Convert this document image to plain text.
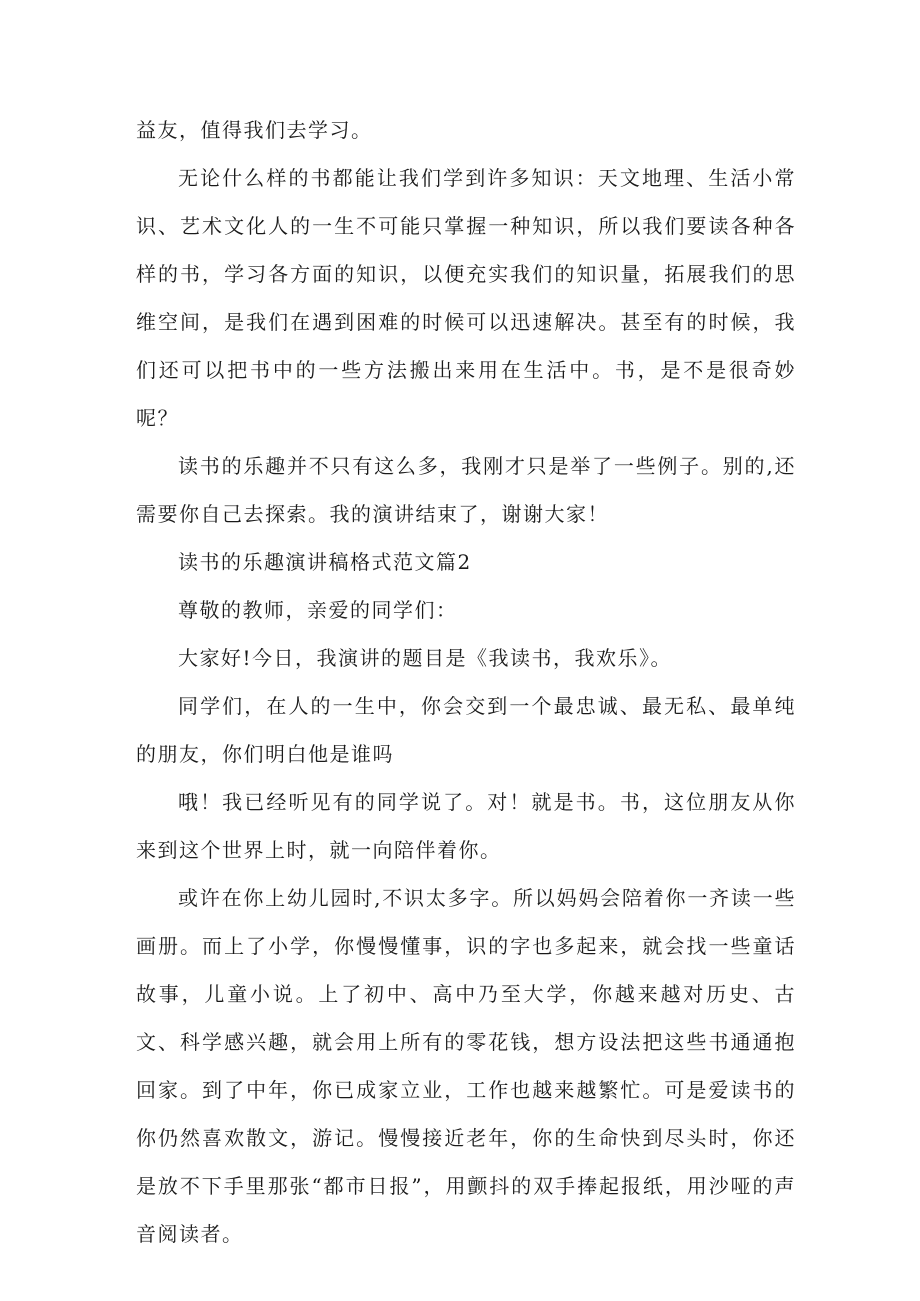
益友，值得我们去学习。

无论什么样的书都能让我们学到许多知识：天文地理、生活小常识、艺术文化人的一生不可能只掌握一种知识，所以我们要读各种各样的书，学习各方面的知识，以便充实我们的知识量，拓展我们的思维空间，是我们在遇到困难的时候可以迅速解决。甚至有的时候，我们还可以把书中的一些方法搬出来用在生活中。书，是不是很奇妙呢？

读书的乐趣并不只有这么多，我刚才只是举了一些例子。别的,还需要你自己去探索。我的演讲结束了，谢谢大家！

读书的乐趣演讲稿格式范文篇2

尊敬的教师，亲爱的同学们：

大家好!今日，我演讲的题目是《我读书，我欢乐》。

同学们，在人的一生中，你会交到一个最忠诚、最无私、最单纯的朋友，你们明白他是谁吗

哦！我已经听见有的同学说了。对！就是书。书，这位朋友从你来到这个世界上时，就一向陪伴着你。

或许在你上幼儿园时,不识太多字。所以妈妈会陪着你一齐读一些画册。而上了小学，你慢慢懂事，识的字也多起来，就会找一些童话故事，儿童小说。上了初中、高中乃至大学，你越来越对历史、古文、科学感兴趣，就会用上所有的零花钱，想方设法把这些书通通抱回家。到了中年，你已成家立业，工作也越来越繁忙。可是爱读书的你仍然喜欢散文，游记。慢慢接近老年，你的生命快到尽头时，你还是放不下手里那张“都市日报”，用颤抖的双手捧起报纸，用沙哑的声音阅读者。
